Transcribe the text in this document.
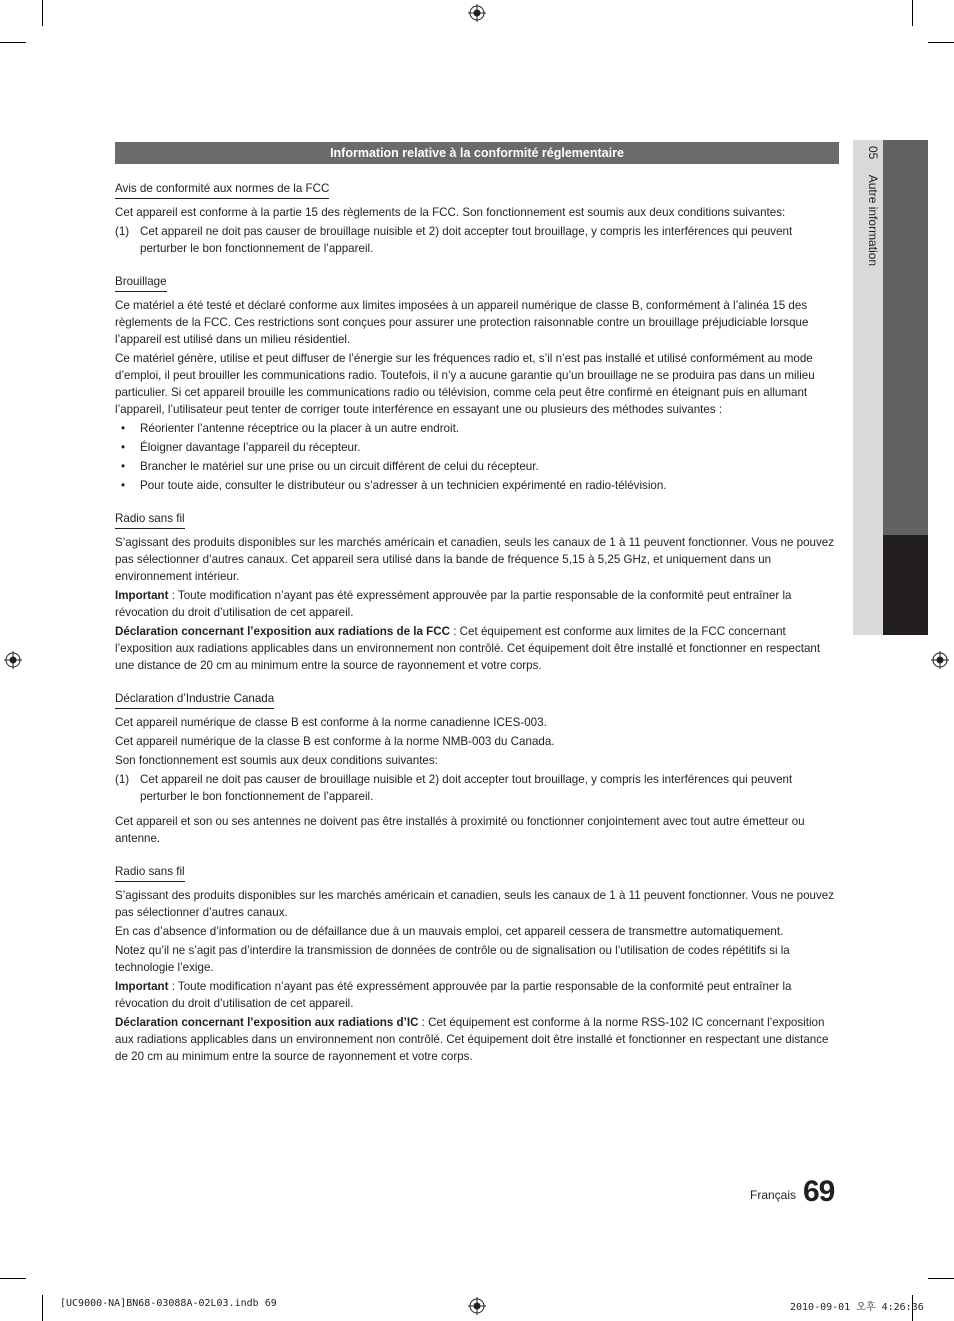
05 Autre information
Information relative à la conformité réglementaire
Avis de conformité aux normes de la FCC

Cet appareil est conforme à la partie 15 des règlements de la FCC. Son fonctionnement est soumis aux deux conditions suivantes:

(1) Cet appareil ne doit pas causer de brouillage nuisible et 2) doit accepter tout brouillage, y compris les interférences qui peuvent perturber le bon fonctionnement de l’appareil.
Brouillage

Ce matériel a été testé et déclaré conforme aux limites imposées à un appareil numérique de classe B, conformément à l’alinéa 15 des règlements de la FCC. Ces restrictions sont conçues pour assurer une protection raisonnable contre un brouillage préjudiciable lorsque l’appareil est utilisé dans un milieu résidentiel.

Ce matériel génère, utilise et peut diffuser de l’énergie sur les fréquences radio et, s’il n’est pas installé et utilisé conformément au mode d’emploi, il peut brouiller les communications radio. Toutefois, il n’y a aucune garantie qu’un brouillage ne se produira pas dans un milieu particulier. Si cet appareil brouille les communications radio ou télévision, comme cela peut être confirmé en éteignant puis en allumant l’appareil, l’utilisateur peut tenter de corriger toute interférence en essayant une ou plusieurs des méthodes suivantes :

• Réorienter l’antenne réceptrice ou la placer à un autre endroit.
• Éloigner davantage l’appareil du récepteur.
• Brancher le matériel sur une prise ou un circuit différent de celui du récepteur.
• Pour toute aide, consulter le distributeur ou s’adresser à un technicien expérimenté en radio-télévision.
Radio sans fil

S’agissant des produits disponibles sur les marchés américain et canadien, seuls les canaux de 1 à 11 peuvent fonctionner. Vous ne pouvez pas sélectionner d’autres canaux. Cet appareil sera utilisé dans la bande de fréquence 5,15 à 5,25 GHz, et uniquement dans un environnement intérieur.

Important : Toute modification n’ayant pas été expressément approuvée par la partie responsable de la conformité peut entraîner la révocation du droit d’utilisation de cet appareil.

Déclaration concernant l’exposition aux radiations de la FCC : Cet équipement est conforme aux limites de la FCC concernant l’exposition aux radiations applicables dans un environnement non contrôlé. Cet équipement doit être installé et fonctionner en respectant une distance de 20 cm au minimum entre la source de rayonnement et votre corps.

Déclaration d’Industrie Canada

Cet appareil numérique de classe B est conforme à la norme canadienne ICES-003.

Cet appareil numérique de la classe B est conforme à la norme NMB-003 du Canada.

Son fonctionnement est soumis aux deux conditions suivantes:

(1) Cet appareil ne doit pas causer de brouillage nuisible et 2) doit accepter tout brouillage, y compris les interférences qui peuvent perturber le bon fonctionnement de l’appareil.

Cet appareil et son ou ses antennes ne doivent pas être installés à proximité ou fonctionner conjointement avec tout autre émetteur ou antenne.

Radio sans fil

S’agissant des produits disponibles sur les marchés américain et canadien, seuls les canaux de 1 à 11 peuvent fonctionner. Vous ne pouvez pas sélectionner d’autres canaux.

En cas d’absence d’information ou de défaillance due à un mauvais emploi, cet appareil cessera de transmettre automatiquement.

Notez qu’il ne s’agit pas d’interdire la transmission de données de contrôle ou de signalisation ou l’utilisation de codes répétitifs si la technologie l’exige.

Important : Toute modification n’ayant pas été expressément approuvée par la partie responsable de la conformité peut entraîner la révocation du droit d’utilisation de cet appareil.

Déclaration concernant l’exposition aux radiations d’IC : Cet équipement est conforme à la norme RSS-102 IC concernant l’exposition aux radiations applicables dans un environnement non contrôlé. Cet équipement doit être installé et fonctionner en respectant une distance de 20 cm au minimum entre la source de rayonnement et votre corps.

Français 69
[UC9000-NA]BN68-03088A-02L03.indb 69	2010-09-01 오후 4:26:36
